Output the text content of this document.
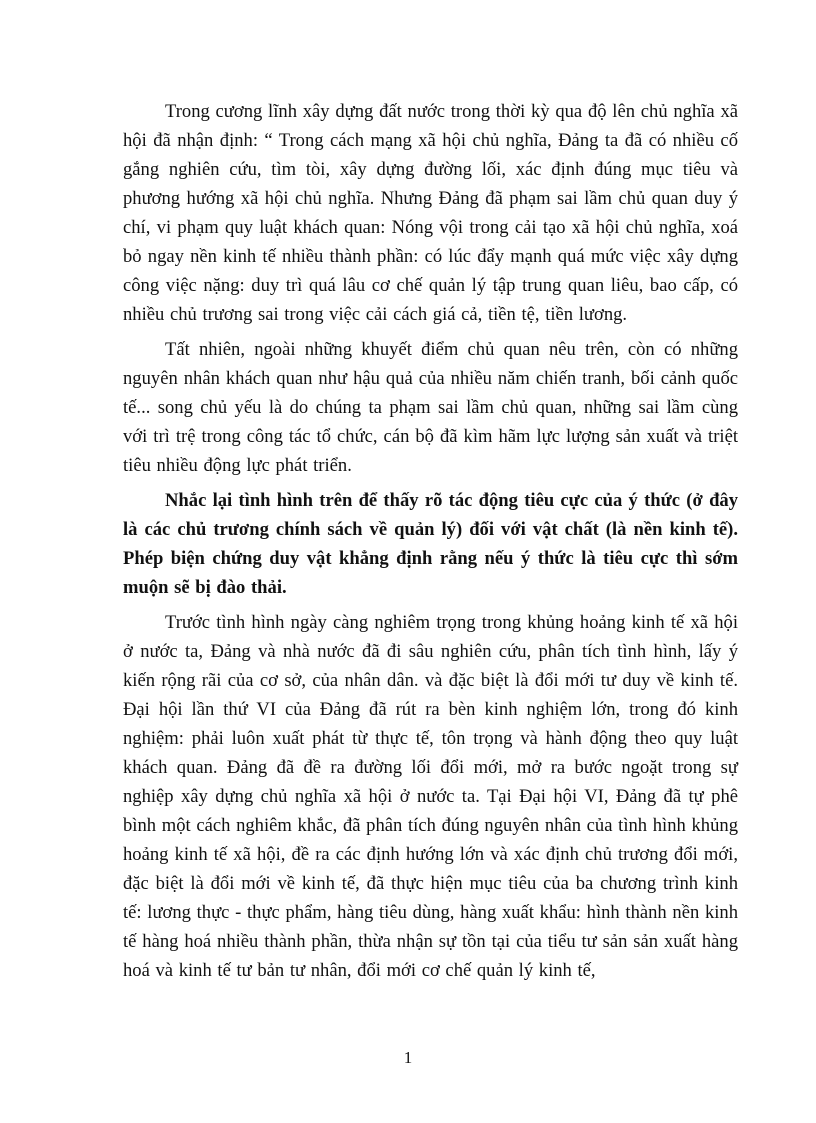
Trong cương lĩnh xây dựng đất nước trong thời kỳ qua độ lên chủ nghĩa xã hội đã nhận định: “ Trong cách mạng xã hội chủ nghĩa, Đảng ta đã có nhiều cố gắng nghiên cứu, tìm tòi, xây dựng đường lối, xác định đúng mục tiêu và phương hướng xã hội chủ nghĩa. Nhưng Đảng đã phạm sai lầm chủ quan duy ý chí, vi phạm quy luật khách quan: Nóng vội trong cải tạo xã hội chủ nghĩa, xoá bỏ ngay nền kinh tế nhiều thành phần: có lúc đẩy mạnh quá mức việc xây dựng công việc nặng: duy trì quá lâu cơ chế quản lý tập trung quan liêu, bao cấp, có nhiều chủ trương sai trong việc cải cách giá cả, tiền tệ, tiền lương.

Tất nhiên, ngoài những khuyết điểm chủ quan nêu trên, còn có những nguyên nhân khách quan như hậu quả của nhiều năm chiến tranh, bối cảnh quốc tế... song chủ yếu là do chúng ta phạm sai lầm chủ quan, những sai lầm cùng với trì trệ trong công tác tổ chức, cán bộ đã kìm hãm lực lượng sản xuất và triệt tiêu nhiều động lực phát triển.

Nhắc lại tình hình trên để thấy rõ tác động tiêu cực của ý thức (ở đây là các chủ trương chính sách về quản lý) đối với vật chất (là nền kinh tế). Phép biện chứng duy vật khẳng định rằng nếu ý thức là tiêu cực thì sớm muộn sẽ bị đào thải.

Trước tình hình ngày càng nghiêm trọng trong khủng hoảng kinh tế xã hội ở nước ta, Đảng và nhà nước đã đi sâu nghiên cứu, phân tích tình hình, lấy ý kiến rộng rãi của cơ sở, của nhân dân. và đặc biệt là đổi mới tư duy về kinh tế. Đại hội lần thứ VI của Đảng đã rút ra bèn kinh nghiệm lớn, trong đó kinh nghiệm: phải luôn xuất phát từ thực tế, tôn trọng và hành động theo quy luật khách quan. Đảng đã đề ra đường lối đổi mới, mở ra bước ngoặt trong sự nghiệp xây dựng chủ nghĩa xã hội ở nước ta. Tại Đại hội VI, Đảng đã tự phê bình một cách nghiêm khắc, đã phân tích đúng nguyên nhân của tình hình khủng hoảng kinh tế xã hội, đề ra các định hướng lớn và xác định chủ trương đổi mới, đặc biệt là đổi mới về kinh tế, đã thực hiện mục tiêu của ba chương trình kinh tế: lương thực - thực phẩm, hàng tiêu dùng, hàng xuất khẩu: hình thành nền kinh tế hàng hoá nhiều thành phần, thừa nhận sự tồn tại của tiểu tư sản sản xuất hàng hoá và kinh tế tư bản tư nhân, đổi mới cơ chế quản lý kinh tế,

1
